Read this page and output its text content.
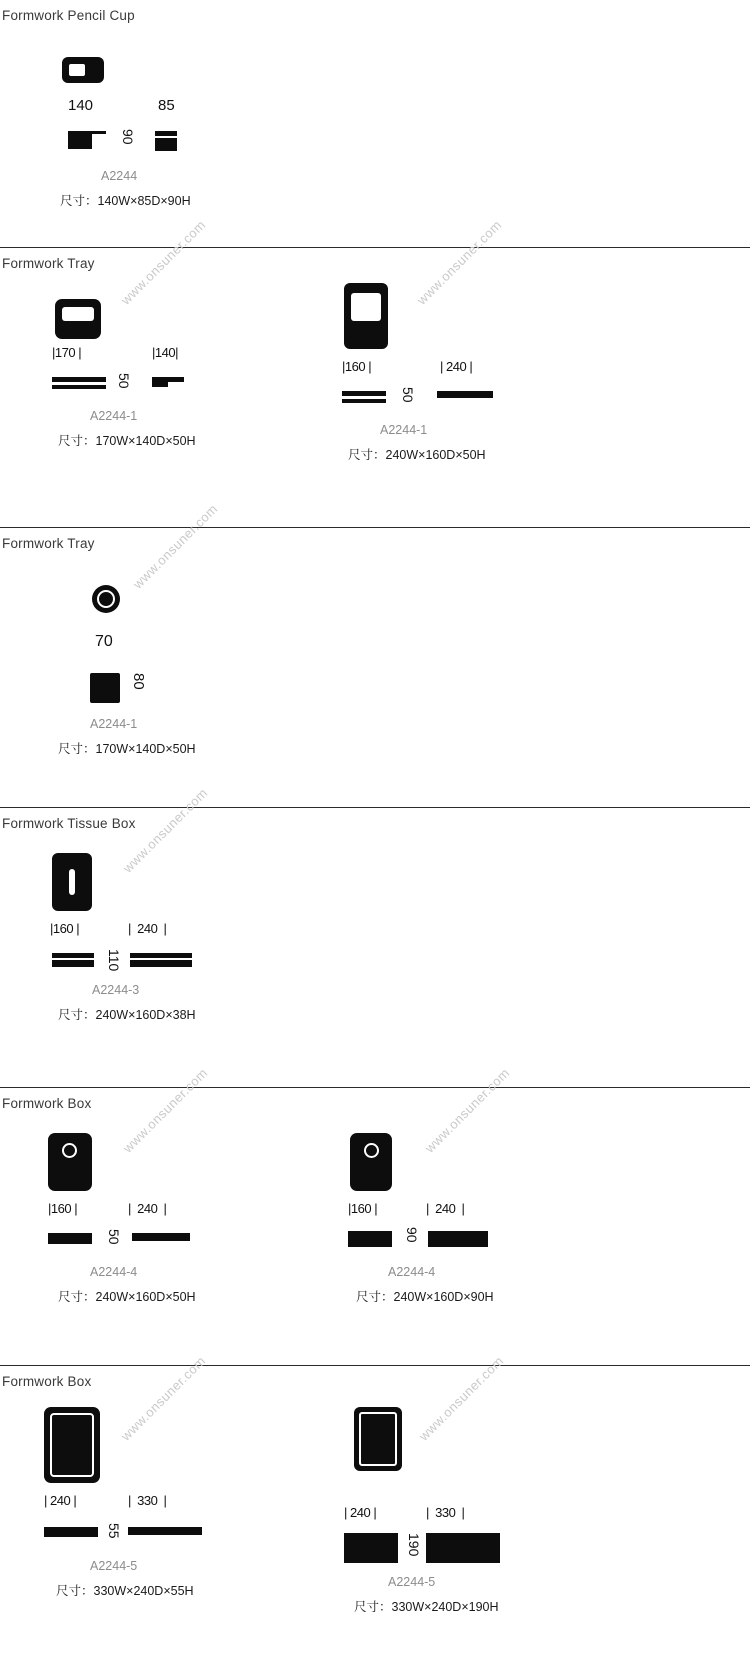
Formwork Pencil Cup
140	85
90
A2244
尺寸：140W×85D×90H
Formwork Tray	www.onsuner.com
|170 |	|140|
50
A2244-1
尺寸：170W×140D×50H
www.onsuner.com
|160 |	| 240 |
50
A2244-1
尺寸：240W×160D×50H
Formwork Tray	www.onsuner.com
70
80
A2244-1
尺寸：170W×140D×50H
Formwork Tissue Box
www.onsuner.com
|160 |	|  240  |
110
A2244-3
尺寸：240W×160D×38H
Formwork Box	www.onsuner.com
|160 |	|  240  |
50
A2244-4
尺寸：240W×160D×50H
www.onsuner.com
|160 |	|  240  |
90
A2244-4
尺寸：240W×160D×90H
Formwork Box	www.onsuner.com
| 240 |	|  330  |
55
A2244-5
尺寸：330W×240D×55H
www.onsuner.com
| 240 |	|  330  |
190
A2244-5
尺寸：330W×240D×190H
